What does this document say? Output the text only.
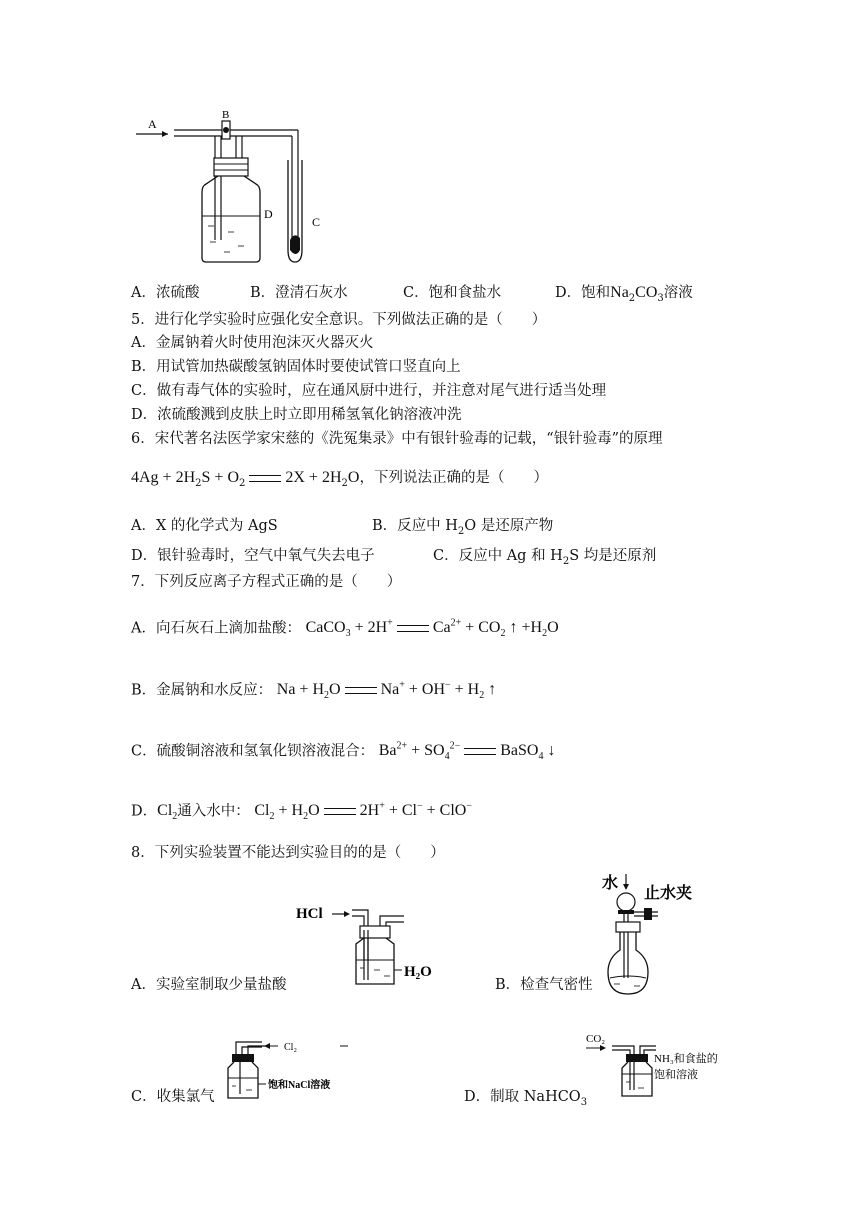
A
B
D
C
A．浓硫酸	B．澄清石灰水	C．饱和食盐水	D．饱和$Na_2CO_3$溶液
5．进行化学实验时应强化安全意识。下列做法正确的是（　　）
A．金属钠着火时使用泡沫灭火器灭火
B．用试管加热碳酸氢钠固体时要使试管口竖直向上
C．做有毒气体的实验时，应在通风厨中进行，并注意对尾气进行适当处理
D．浓硫酸溅到皮肤上时立即用稀氢氧化钠溶液冲洗
6．宋代著名法医学家宋慈的《洗冤集录》中有银针验毒的记载，“银针验毒”的原理
$4Ag + 2H_2S + O_2$	$2X + 2H_2O$，下列说法正确的是（　　）
A．X 的化学式为 AgS	B．反应中 $H_2O$ 是还原产物
D．银针验毒时，空气中氧气失去电子	C．反应中 Ag 和 $H_2S$ 均是还原剂
7．下列反应离子方程式正确的是（　　）
A．向石灰石上滴加盐酸： CaCO$_3$ + 2H+	$Ca^{2+} + CO_2$ ↑ $+H_2O$
B．金属钠和水反应： $Na + H_2O$	$Na^+ + OH^- + H_2$ ↑
C．硫酸铜溶液和氢氧化钡溶液混合： $Ba^{2+} + SO_4^{2-}$	BaSO$_4$ ↓
D．$Cl_2$通入水中： $Cl_2 + H_2O$	2H+ + Cl− + ClO−
8．下列实验装置不能达到实验目的的是（　　）
HCl
H₂O
A．实验室制取少量盐酸
水
止水夹
B．检查气密性
Cl₂
饱和NaCl溶液
C．收集氯气
CO₂
NH₃和食盐的
饱和溶液
D．制取 NaHCO$_3$
